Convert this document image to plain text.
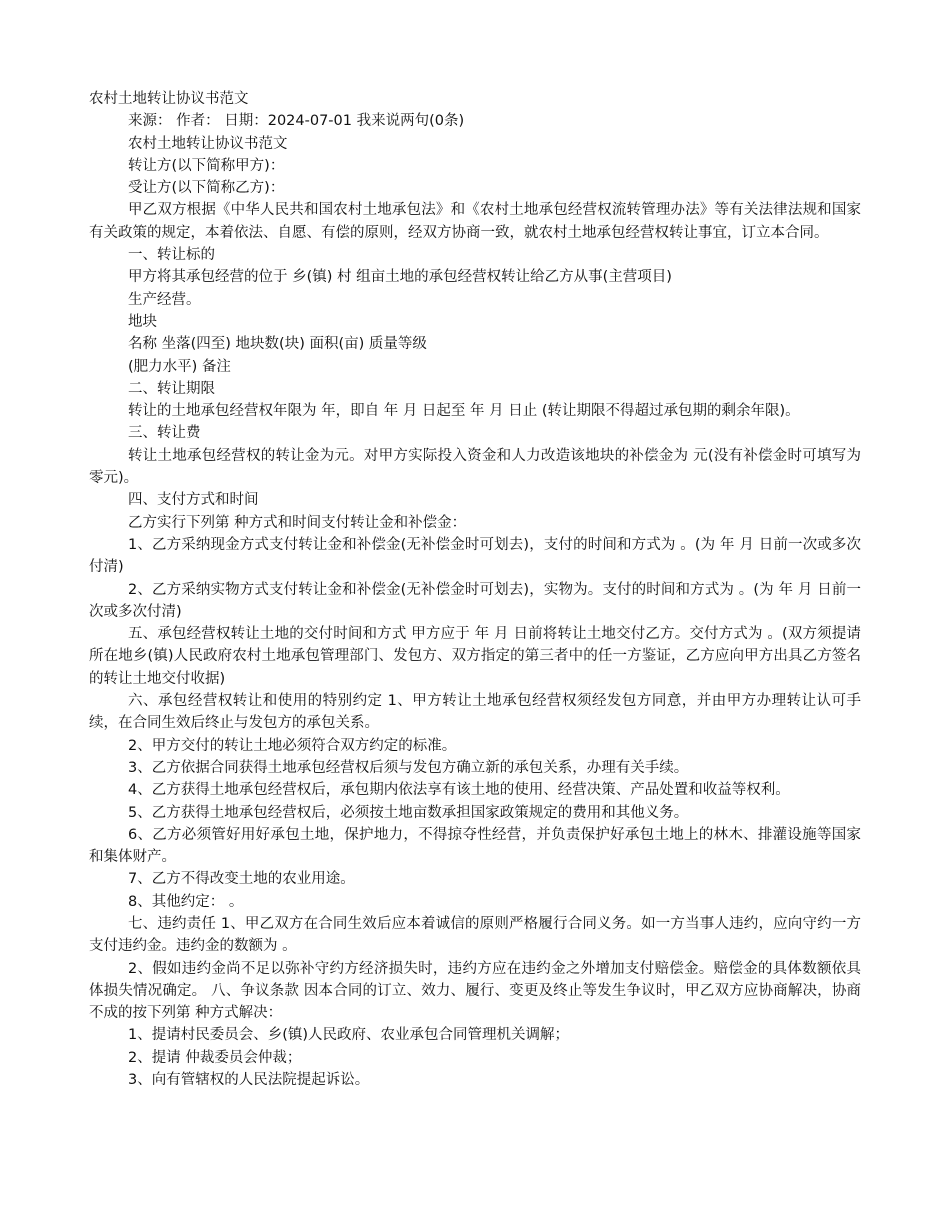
农村土地转让协议书范文
来源： 作者： 日期：2024-07-01 我来说两句(0条)
农村土地转让协议书范文
转让方(以下简称甲方)：
受让方(以下简称乙方)：
甲乙双方根据《中华人民共和国农村土地承包法》和《农村土地承包经营权流转管理办法》等有关法律法规和国家有关政策的规定，本着依法、自愿、有偿的原则，经双方协商一致，就农村土地承包经营权转让事宜，订立本合同。
一、转让标的
甲方将其承包经营的位于 乡(镇) 村 组亩土地的承包经营权转让给乙方从事(主营项目)
生产经营。
地块
名称 坐落(四至) 地块数(块) 面积(亩) 质量等级
(肥力水平) 备注
二、转让期限
转让的土地承包经营权年限为 年，即自 年 月 日起至 年 月 日止 (转让期限不得超过承包期的剩余年限)。
三、转让费
转让土地承包经营权的转让金为元。对甲方实际投入资金和人力改造该地块的补偿金为 元(没有补偿金时可填写为零元)。
四、支付方式和时间
乙方实行下列第 种方式和时间支付转让金和补偿金：
1、乙方采纳现金方式支付转让金和补偿金(无补偿金时可划去)，支付的时间和方式为 。(为 年 月 日前一次或多次付清)
2、乙方采纳实物方式支付转让金和补偿金(无补偿金时可划去)，实物为。支付的时间和方式为 。(为 年 月 日前一次或多次付清)
五、承包经营权转让土地的交付时间和方式 甲方应于 年 月 日前将转让土地交付乙方。交付方式为 。(双方须提请所在地乡(镇)人民政府农村土地承包管理部门、发包方、双方指定的第三者中的任一方鉴证，乙方应向甲方出具乙方签名的转让土地交付收据)
六、承包经营权转让和使用的特别约定 1、甲方转让土地承包经营权须经发包方同意，并由甲方办理转让认可手续，在合同生效后终止与发包方的承包关系。
2、甲方交付的转让土地必须符合双方约定的标准。
3、乙方依据合同获得土地承包经营权后须与发包方确立新的承包关系，办理有关手续。
4、乙方获得土地承包经营权后，承包期内依法享有该土地的使用、经营决策、产品处置和收益等权利。
5、乙方获得土地承包经营权后，必须按土地亩数承担国家政策规定的费用和其他义务。
6、乙方必须管好用好承包土地，保护地力，不得掠夺性经营，并负责保护好承包土地上的林木、排灌设施等国家和集体财产。
7、乙方不得改变土地的农业用途。
8、其他约定： 。
七、违约责任 1、甲乙双方在合同生效后应本着诚信的原则严格履行合同义务。如一方当事人违约，应向守约一方支付违约金。违约金的数额为 。
2、假如违约金尚不足以弥补守约方经济损失时，违约方应在违约金之外增加支付赔偿金。赔偿金的具体数额依具体损失情况确定。 八、争议条款 因本合同的订立、效力、履行、变更及终止等发生争议时，甲乙双方应协商解决，协商不成的按下列第 种方式解决：
1、提请村民委员会、乡(镇)人民政府、农业承包合同管理机关调解；
2、提请 仲裁委员会仲裁；
3、向有管辖权的人民法院提起诉讼。
